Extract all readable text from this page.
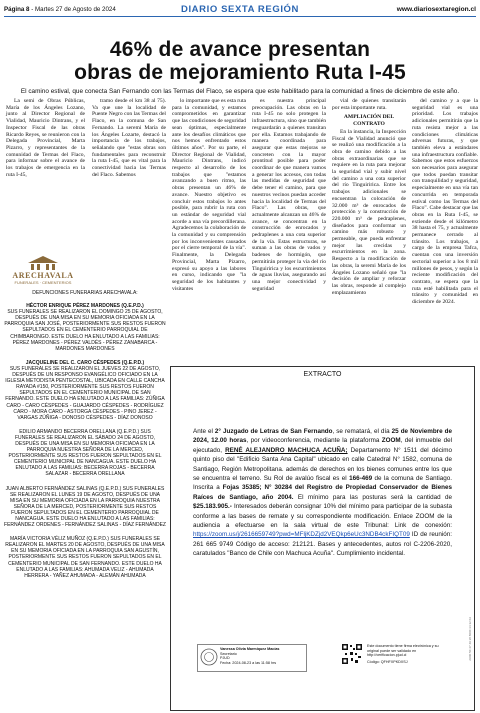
Página 8 - Martes 27 de Agosto de 2024	DIARIO SEXTA REGIÓN	www.diariosextaregion.cl
46% de avance presentan
obras de mejoramiento Ruta I-45
El camino estival, que conecta San Fernando con las Termas del Flaco, se espera que este habilitado para la comunidad a fines de diciembre de este año.

La semi de Obras Públicas, María de los Ángeles Lozano, junto al Director Regional de Vialidad, Mauricio Dintrans, y el Inspector Fiscal de las obras Ricardo Reyes, se reunieron con la Delegada Provincial, Marta Pizarro, y representantes de la comunidad de Termas del Flaco, para informar sobre el avance de los trabajos de emergencia en la ruta I-45,

tramo desde el km 38 al 75). Va que une la localidad de Puente Negro con las Termas del Flaco, en la comuna de San Fernando. La seremi María de los Ángeles Lozarte, destacó la importancia de los trabajos, señalando que "estas obras son fundamentales para reconstruir la ruta I-45, que es vital para la conectividad hacia las Termas del Flaco. Sabemos

lo importante que es esta ruta para la comunidad, y estamos comprometidos en garantizar que las condiciones de seguridad sean óptimas, especialmente ante los desafíos climáticos que nos hemos enfrentado estos últimos años". Por su parte, el Director Regional de Vialidad, Mauricio Dintrans, indicó respecto al desarrollo de los trabajos que "estamos avanzando a buen ritmo, las obras presentan un 46% de avance. Nuestro objetivo es concluir estos trabajos lo antes posible, para rubrir la ruta con un estándar de seguridad vial acorde a una vía precordillerana. Agradecemos la colaboración de la comunidad y su comprensión por los inconvenientes causados por el cierre temporal de la vía". Finalmente, la Delegada Provincial, Marta Pizarro, expresó su apoyo a las labores en curso, indicando que "la seguridad de los habitantes y visitantes

es nuestra principal preocupación. Las obras en la ruta I-45 no solo protegen la infraestructura, sino que también resguardarán a quienes transitan por ella. Estamos trabajando de manera coordinada para asegurar que estas mejoras se concreten con la mayor prontitud posible para poder coordinar de que manera vamos a generar los accesos, con todas las medidas de seguridad que debe tener el camino, para que nuestros vecinos puedan acceder hacia la localidad de Termas del Flaco". Las obras, que actualmente alcanzan un 46% de avance, se concentran en la construcción de enrocados y pedraplenes a una cota superior de la vía. Estas estructuras, se suman a las obras de vados y badenes de hormigón, que permitirán proteger la vía del río Tinguiririca y los escurrimientos de aguas lluvias, asegurando así una mejor conectividad y seguridad

vial de quienes transitarán por esta importante ruta.

AMPLIACIÓN DEL CONTRATO

En la instancia, la Inspección Fiscal de Vialidad anunció que se realizó una modificación a la obra de camino debido a las obras extraordinarias que se requiere en la ruta para mejorar la seguridad vial y subir nivel del camino a una cota superior del río Tinguiririca. Entre los trabajos adicionales se encuentran la colocación de 32.000 m³ de enrocados de protección y la construcción de 220.000 m³ de pedraplenes, diseñados para conformar un camino más robusto y permeable, que pueda enfrentar mejor las crecidas y escurrimientos en la zona. Respecto a la modificación de las obras, la seremi María de los Ángeles Lozano señaló que "la decisión de ampliar y reforzar las obras, responde al complejo emplazamiento

del camino y a que la seguridad vial es una prioridad. Los trabajos adicionales permitirán que la ruta resista mejor a las condiciones climáticas adversas futuras, y que también eleva a estándares una infraestructura confiable. Sabemos que estos esfuerzos son necesarios para asegurar que todos puedan transitar con tranquilidad y seguridad, especialmente en una vía tan concurrida en temporada estival como las Termas del Flaco". Cabe destacar que las obras en la Ruta I-45, se extiende desde el kilómetro 38 hasta el 75, y actualmente permanece cerrado al tránsito. Los trabajos, a cargo de la empresa Tafca, cuentan con una inversión sectorial superior a los 8 mil millones de pesos, y según la reciente modificación del contrato, se espera que la ruta esté habilitada para el tránsito y comunidad en diciembre de 2024.

ARECHAVALA
FUNERALES · CEMENTERIOS
DEFUNCIONES FUNERARIAS ARECHAVALA:
HÉCTOR ENRIQUE PÉREZ MARDONES (Q.E.P.D.)
SUS FUNERALES SE REALIZARON EL DOMINGO 25 DE AGOSTO, DESPUÉS DE UNA MISA EN SU MEMORIA OFICIADA EN LA PARROQUIA SAN JOSÉ, POSTERIORMENTE SUS RESTOS FUERON SEPULTADOS EN EL CEMENTERIO PARROQUIAL DE CHIMBARONGO. ESTE DUELO HA ENLUTADO A LAS FAMILIAS: PÉREZ MARDONES - PÉREZ VALDÉS - PÉREZ ZANABARCA - MARDONES MARDONES
JACQUELINE DEL C. CARO CÉSPEDES (Q.E.P.D.)
SUS FUNERALES SE REALIZARON EL JUEVES 22 DE AGOSTO, DESPUÉS DE UN RESPONSO EVANGÉLICO OFICIADO EN LA IGLESIA METODISTA PENTECOSTAL, UBICADA EN CALLE CANCHA RAYADA #150, POSTERIORMENTE SUS RESTOS FUERON SEPULTADOS EN EL CEMENTERIO MUNICIPAL DE SAN FERNANDO. ESTE DUELO HA ENLUTADO A LAS FAMILIAS: ZÚÑIGA CARO - CARO CÉSPEDES - GUAJARDO CÉSPEDES - RODRÍGUEZ CARO - MORA CARO - ASTORGA CÉSPEDES - PINO JEREZ - VARGAS ZÚÑIGA - DONOSO CÉSPEDES - DÍAZ DONOSO
EDILIO ARMANDO BECERRA ORELLANA (Q.E.P.D.) SUS FUNERALES SE REALIZARON EL SÁBADO 24 DE AGOSTO, DESPUÉS DE UNA MISA EN SU MEMORIA OFICIADA EN LA PARROQUIA NUESTRA SEÑORA DE LA MERCED, POSTERIORMENTE SUS RESTOS FUERON SEPULTADOS EN EL CEMENTERIO MUNICIPAL DE NANCAGUA. ESTE DUELO HA ENLUTADO A LAS FAMILIAS: BECERRA ROJAS - BECERRA SALAZAR - BECERRA ORELLANA
JUAN ALBERTO FERNÁNDEZ SALINAS (Q.E.P.D.) SUS FUNERALES SE REALIZARON EL LUNES 19 DE AGOSTO, DESPUÉS DE UNA MISA EN SU MEMORIA OFICIADA EN LA PARROQUIA NUESTRA SEÑORA DE LA MERCED, POSTERIORMENTE SUS RESTOS FUERON SEPULTADOS EN EL CEMENTERIO PARROQUIAL DE NANCAGUA. ESTE DUELO HA ENLUTADO A LAS FAMILIAS: FERNÁNDEZ ORDENES - FERNÁNDEZ SALINAS - DÍAZ FERNÁNDEZ
MARÍA VICTORIA VÉLIZ MUÑOZ (Q.E.P.D.) SUS FUNERALES SE REALIZARON EL MARTES 20 DE AGOSTO, DESPUÉS DE UNA MISA EN SU MEMORIA OFICIADA EN LA PARROQUIA SAN AGUSTÍN, POSTERIORMENTE SUS RESTOS FUERON SEPULTADOS EN EL CEMENTERIO MUNICIPAL DE SAN FERNANDO. ESTE DUELO HA ENLUTADO A LAS FAMILIAS: AHUMADA VELIZ - AHUMADA HERRERA - YAÑEZ AHUMADA - ALEMÁN AHUMADA
EXTRACTO
Ante el 2° Juzgado de Letras de San Fernando, se rematará, el día 25 de Noviembre de 2024, 12.00 horas, por videoconferencia, mediante la plataforma ZOOM, del inmueble del ejecutado, RENÉ ALEJANDRO MACHUCA ACUÑA; Departamento N° 1511 del décimo quinto piso del "Edificio Santa Ana Capital" ubicado en calle Catedral N° 1582, comuna de Santiago, Región Metropolitana. además de derechos en los bienes comunes entre los que se encuentra el terreno. Su Rol de avalúo fiscal es el 166-469 de la comuna de Santiago. Inscrita a Fojas 35385; N° 30284 del Registro de Propiedad Conservador de Bienes Raíces de Santiago, año 2004. El mínimo para las posturas será la cantidad de $25.183.905.- Interesados deberán consignar 10% del mínimo para participar de la subasta conforme a las bases de remate y su correspondiente modificación. Enlace ZOOM de la audiencia a efectuarse en la sala virtual de este Tribunal: Link de conexión: https://zoom.us/j/2616659749?pwd=MFljKDZjd2VEQkp6eUc3NDB4ckFIQT09 ID de reunión: 261 665 9749 Código de acceso: 212121. Bases y antecedentes, autos rol C-2206-2020, caratulados "Banco de Chile con Machuca Acuña". Cumplimiento incidental.
Vanessa Olivia Marmiquez Macías
Secretario
PJUD
Fecha: 2024-08-23 a las 11:58 hrs
Este documento tiene firma electrónica y su original puede ser validado en http://verificacion.pjud.cl
Código: QFHFXPKDXSJ
A000 50 47 49 38 8000 34 32 02
